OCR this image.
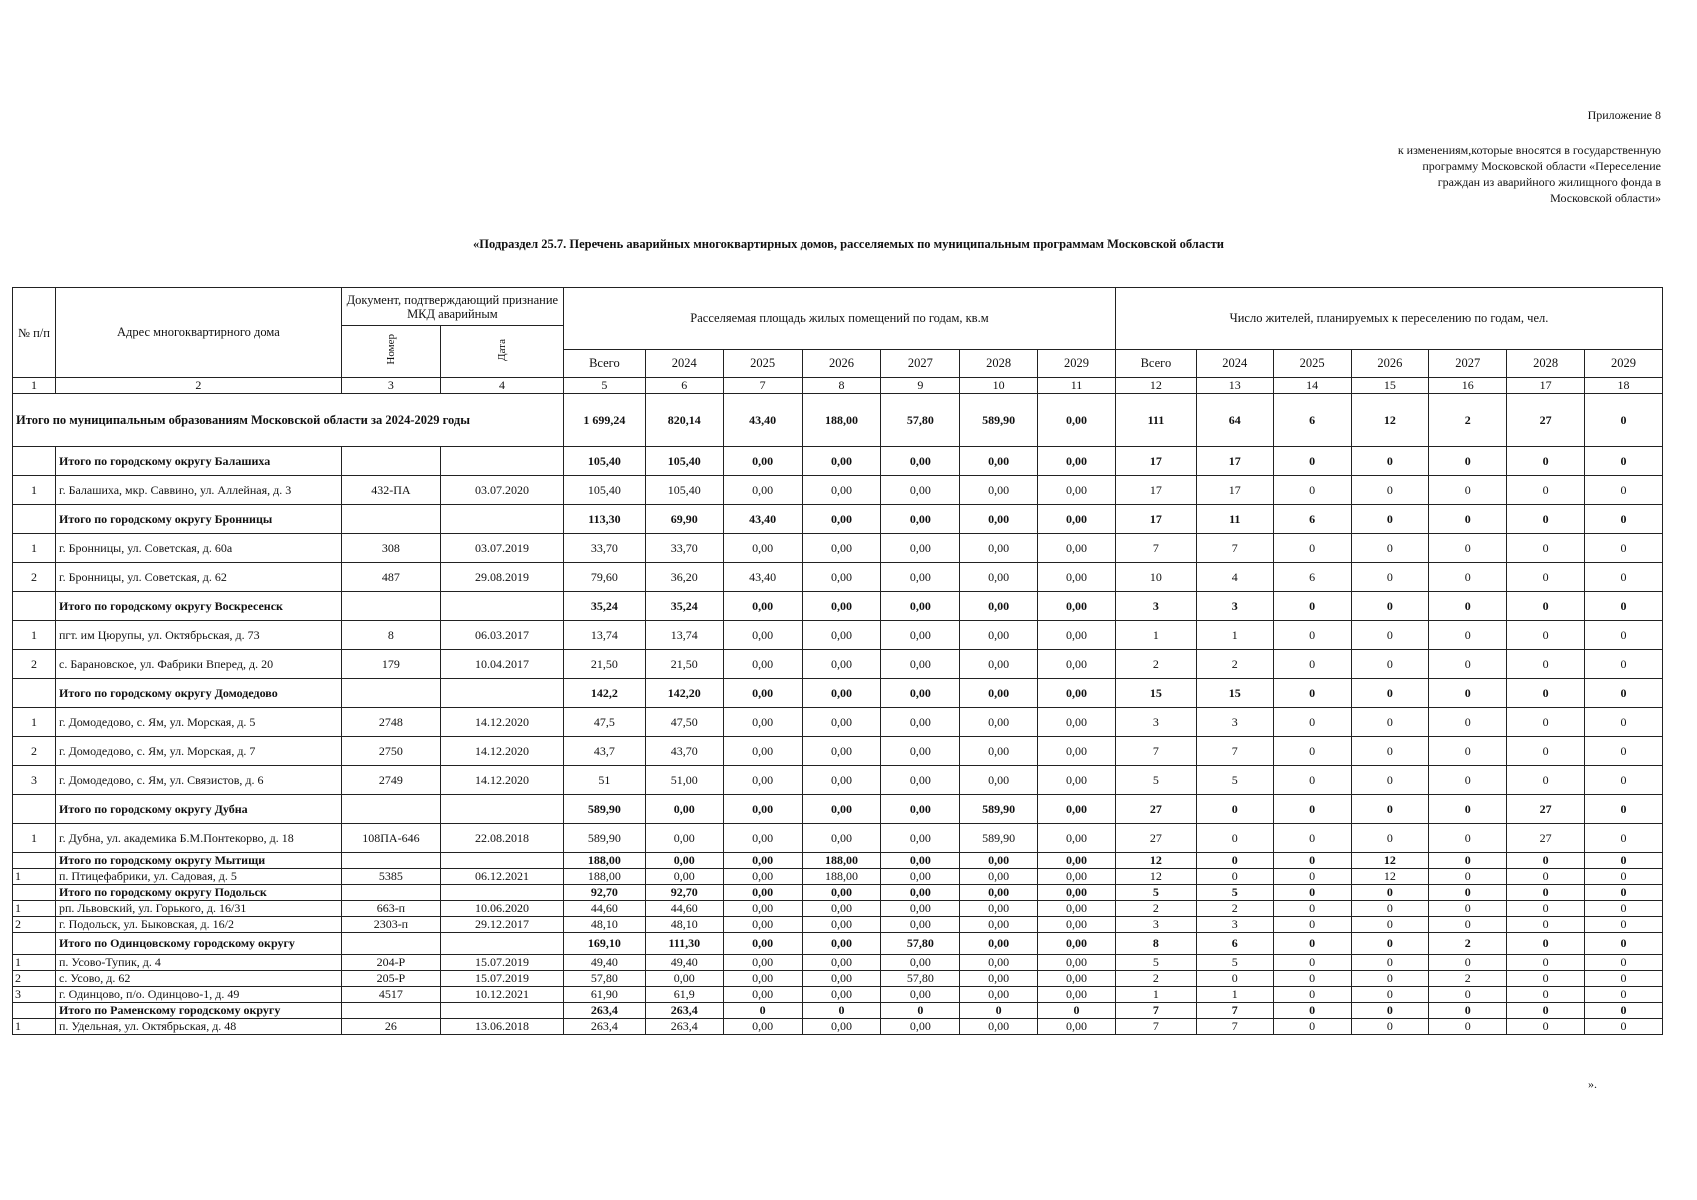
Приложение 8
к изменениям,которые вносятся в государственную
программу Московской области «Переселение
граждан из аварийного жилищного фонда в
Московской области»
«Подраздел 25.7. Перечень аварийных многоквартирных домов, расселяемых по муниципальным программам Московской области
№ п/п	Адрес многоквартирного дома	Документ, подтверждающий признание МКД аварийным		Расселяемая площадь жилых помещений по годам, кв.м							Число жителей, планируемых к переселению по годам, чел.						
		Номер	Дата														
				Всего	2024	2025	2026	2027	2028	2029	Всего	2024	2025	2026	2027	2028	2029
1	2	3	4	5	6	7	8	9	10	11	12	13	14	15	16	17	18
Итого по муниципальным образованиям Московской области за 2024-2029 годы				1 699,24	820,14	43,40	188,00	57,80	589,90	0,00	111	64	6	12	2	27	0
	Итого по городскому округу Балашиха			105,40	105,40	0,00	0,00	0,00	0,00	0,00	17	17	0	0	0	0	0
1	г. Балашиха, мкр. Саввино, ул. Аллейная, д. 3	432-ПА	03.07.2020	105,40	105,40	0,00	0,00	0,00	0,00	0,00	17	17	0	0	0	0	0
	Итого по городскому округу Бронницы			113,30	69,90	43,40	0,00	0,00	0,00	0,00	17	11	6	0	0	0	0
1	г. Бронницы, ул. Советская, д. 60а	308	03.07.2019	33,70	33,70	0,00	0,00	0,00	0,00	0,00	7	7	0	0	0	0	0
2	г. Бронницы, ул. Советская, д. 62	487	29.08.2019	79,60	36,20	43,40	0,00	0,00	0,00	0,00	10	4	6	0	0	0	0
	Итого по городскому округу Воскресенск			35,24	35,24	0,00	0,00	0,00	0,00	0,00	3	3	0	0	0	0	0
1	пгт. им Цюрупы, ул. Октябрьская, д. 73	8	06.03.2017	13,74	13,74	0,00	0,00	0,00	0,00	0,00	1	1	0	0	0	0	0
2	с. Барановское, ул. Фабрики Вперед, д. 20	179	10.04.2017	21,50	21,50	0,00	0,00	0,00	0,00	0,00	2	2	0	0	0	0	0
	Итого по городскому округу Домодедово			142,2	142,20	0,00	0,00	0,00	0,00	0,00	15	15	0	0	0	0	0
1	г. Домодедово, с. Ям, ул. Морская, д. 5	2748	14.12.2020	47,5	47,50	0,00	0,00	0,00	0,00	0,00	3	3	0	0	0	0	0
2	г. Домодедово, с. Ям, ул. Морская, д. 7	2750	14.12.2020	43,7	43,70	0,00	0,00	0,00	0,00	0,00	7	7	0	0	0	0	0
3	г. Домодедово, с. Ям, ул. Связистов, д. 6	2749	14.12.2020	51	51,00	0,00	0,00	0,00	0,00	0,00	5	5	0	0	0	0	0
	Итого по городскому округу Дубна			589,90	0,00	0,00	0,00	0,00	589,90	0,00	27	0	0	0	0	27	0
1	г. Дубна, ул. академика Б.М.Понтекорво, д. 18	108ПА-646	22.08.2018	589,90	0,00	0,00	0,00	0,00	589,90	0,00	27	0	0	0	0	27	0
	Итого по городскому округу Мытищи			188,00	0,00	0,00	188,00	0,00	0,00	0,00	12	0	0	12	0	0	0
1	п. Птицефабрики, ул. Садовая, д. 5	5385	06.12.2021	188,00	0,00	0,00	188,00	0,00	0,00	0,00	12	0	0	12	0	0	0
	Итого по городскому округу Подольск			92,70	92,70	0,00	0,00	0,00	0,00	0,00	5	5	0	0	0	0	0
1	рп. Львовский, ул. Горького, д. 16/31	663-п	10.06.2020	44,60	44,60	0,00	0,00	0,00	0,00	0,00	2	2	0	0	0	0	0
2	г. Подольск, ул. Быковская, д. 16/2	2303-п	29.12.2017	48,10	48,10	0,00	0,00	0,00	0,00	0,00	3	3	0	0	0	0	0
	Итого по Одинцовскому городскому округу			169,10	111,30	0,00	0,00	57,80	0,00	0,00	8	6	0	0	2	0	0
1	п. Усово-Тупик, д. 4	204-Р	15.07.2019	49,40	49,40	0,00	0,00	0,00	0,00	0,00	5	5	0	0	0	0	0
2	с. Усово, д. 62	205-Р	15.07.2019	57,80	0,00	0,00	0,00	57,80	0,00	0,00	2	0	0	0	2	0	0
3	г. Одинцово, п/о. Одинцово-1, д. 49	4517	10.12.2021	61,90	61,9	0,00	0,00	0,00	0,00	0,00	1	1	0	0	0	0	0
	Итого по Раменскому городскому округу			263,4	263,4	0	0	0	0	0	7	7	0	0	0	0	0
1	п. Удельная, ул. Октябрьская, д. 48	26	13.06.2018	263,4	263,4	0,00	0,00	0,00	0,00	0,00	7	7	0	0	0	0	0
».
